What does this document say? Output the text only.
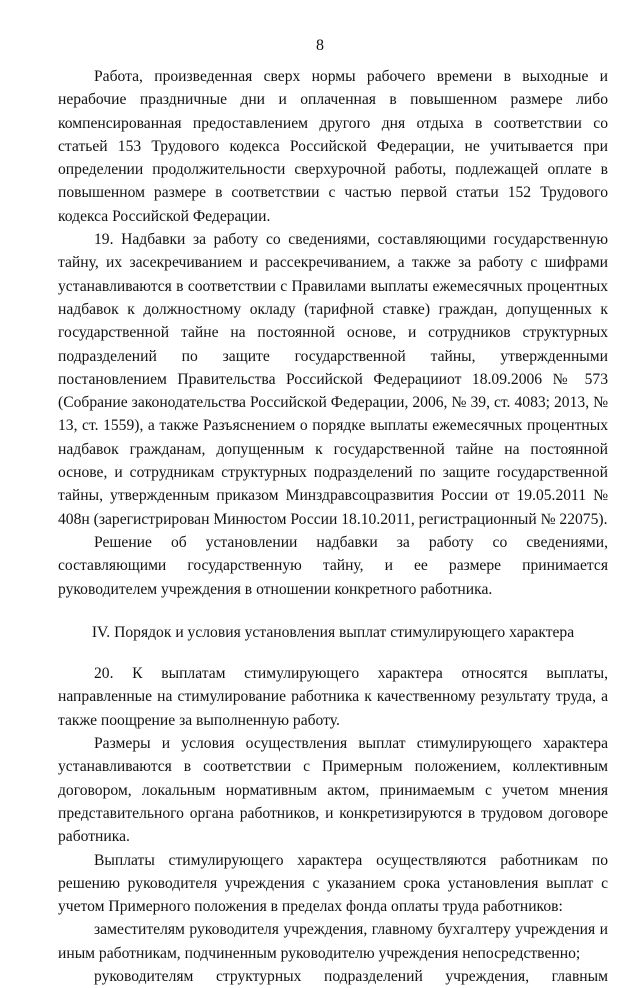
8

Работа, произведенная сверх нормы рабочего времени в выходные и нерабочие праздничные дни и оплаченная в повышенном размере либо компенсированная предоставлением другого дня отдыха в соответствии со статьей 153 Трудового кодекса Российской Федерации, не учитывается при определении продолжительности сверхурочной работы, подлежащей оплате в повышенном размере в соответствии с частью первой статьи 152 Трудового кодекса Российской Федерации.

19. Надбавки за работу со сведениями, составляющими государственную тайну, их засекречиванием и рассекречиванием, а также за работу с шифрами устанавливаются в соответствии с Правилами выплаты ежемесячных процентных надбавок к должностному окладу (тарифной ставке) граждан, допущенных к государственной тайне на постоянной основе, и сотрудников структурных подразделений по защите государственной тайны, утвержденными постановлением Правительства Российской Федерацииот 18.09.2006 № 573 (Собрание законодательства Российской Федерации, 2006, № 39, ст. 4083; 2013, № 13, ст. 1559), а также Разъяснением о порядке выплаты ежемесячных процентных надбавок гражданам, допущенным к государственной тайне на постоянной основе, и сотрудникам структурных подразделений по защите государственной тайны, утвержденным приказом Минздравсоцразвития России от 19.05.2011 № 408н (зарегистрирован Минюстом России 18.10.2011, регистрационный № 22075).

Решение об установлении надбавки за работу со сведениями, составляющими государственную тайну, и ее размере принимается руководителем учреждения в отношении конкретного работника.

IV. Порядок и условия установления выплат стимулирующего характера

20. К выплатам стимулирующего характера относятся выплаты, направленные на стимулирование работника к качественному результату труда, а также поощрение за выполненную работу.

Размеры и условия осуществления выплат стимулирующего характера устанавливаются в соответствии с Примерным положением, коллективным договором, локальным нормативным актом, принимаемым с учетом мнения представительного органа работников, и конкретизируются в трудовом договоре работника.

Выплаты стимулирующего характера осуществляются работникам по решению руководителя учреждения с указанием срока установления выплат с учетом Примерного положения в пределах фонда оплаты труда работников:

заместителям руководителя учреждения, главному бухгалтеру учреждения и иным работникам, подчиненным руководителю учреждения непосредственно;

руководителям структурных подразделений учреждения, главным
